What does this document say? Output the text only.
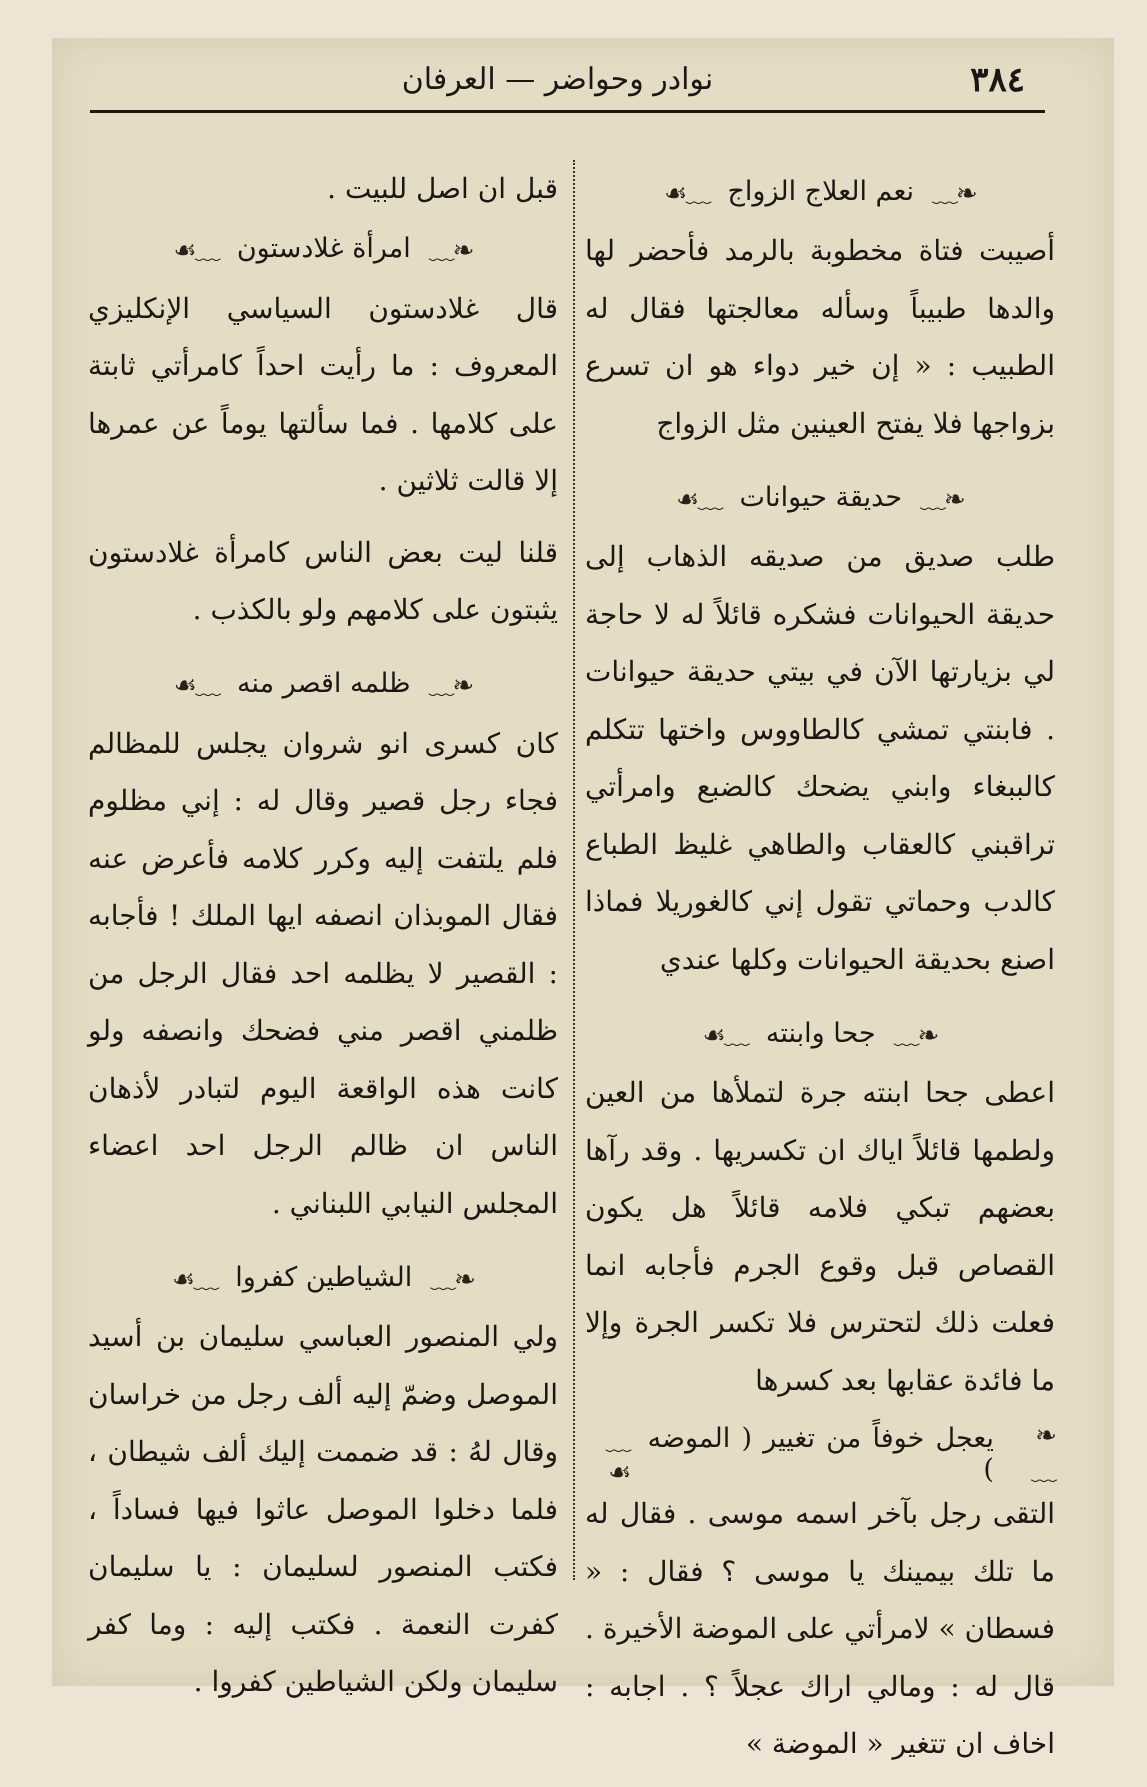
٣٨٤
نوادر وحواضر — العرفان
❧﹏
نعم العلاج الزواج
﹏☙

أصيبت فتاة مخطوبة بالرمد فأحضر لها والدها طبيباً وسأله معالجتها فقال له الطبيب : « إن خير دواء هو ان تسرع بزواجها فلا يفتح العينين مثل الزواج

❧﹏
حديقة حيوانات
﹏☙

طلب صديق من صديقه الذهاب إلى حديقة الحيوانات فشكره قائلاً له لا حاجة لي بزيارتها الآن في بيتي حديقة حيوانات . فابنتي تمشي كالطاووس واختها تتكلم كالببغاء وابني يضحك كالضبع وامرأتي تراقبني كالعقاب والطاهي غليظ الطباع كالدب وحماتي تقول إني كالغوريلا فماذا اصنع بحديقة الحيوانات وكلها عندي

❧﹏
جحا وابنته
﹏☙

اعطى جحا ابنته جرة لتملأها من العين ولطمها قائلاً اياك ان تكسريها . وقد رآها بعضهم تبكي فلامه قائلاً هل يكون القصاص قبل وقوع الجرم فأجابه انما فعلت ذلك لتحترس فلا تكسر الجرة وإلا ما فائدة عقابها بعد كسرها

❧﹏
يعجل خوفاً من تغيير ( الموضه )
﹏☙

التقى رجل بآخر اسمه موسى . فقال له ما تلك بيمينك يا موسى ؟ فقال : « فسطان » لامرأتي على الموضة الأخيرة . قال له : ومالي اراك عجلاً ؟ . اجابه : اخاف ان تتغير « الموضة »

قبل ان اصل للبيت .

❧﹏
امرأة غلادستون
﹏☙

قال غلادستون السياسي الإنكليزي المعروف : ما رأيت احداً كامرأتي ثابتة على كلامها . فما سألتها يوماً عن عمرها إلا قالت ثلاثين .

قلنا ليت بعض الناس كامرأة غلادستون يثبتون على كلامهم ولو بالكذب .

❧﹏
ظلمه اقصر منه
﹏☙

كان كسرى انو شروان يجلس للمظالم فجاء رجل قصير وقال له : إني مظلوم فلم يلتفت إليه وكرر كلامه فأعرض عنه فقال الموبذان انصفه ايها الملك ! فأجابه : القصير لا يظلمه احد فقال الرجل من ظلمني اقصر مني فضحك وانصفه ولو كانت هذه الواقعة اليوم لتبادر لأذهان الناس ان ظالم الرجل احد اعضاء المجلس النيابي اللبناني .

❧﹏
الشياطين كفروا
﹏☙

ولي المنصور العباسي سليمان بن أسيد الموصل وضمّ إليه ألف رجل من خراسان وقال لهُ : قد ضممت إليك ألف شيطان ، فلما دخلوا الموصل عاثوا فيها فساداً ، فكتب المنصور لسليمان : يا سليمان كفرت النعمة . فكتب إليه : وما كفر سليمان ولكن الشياطين كفروا .
